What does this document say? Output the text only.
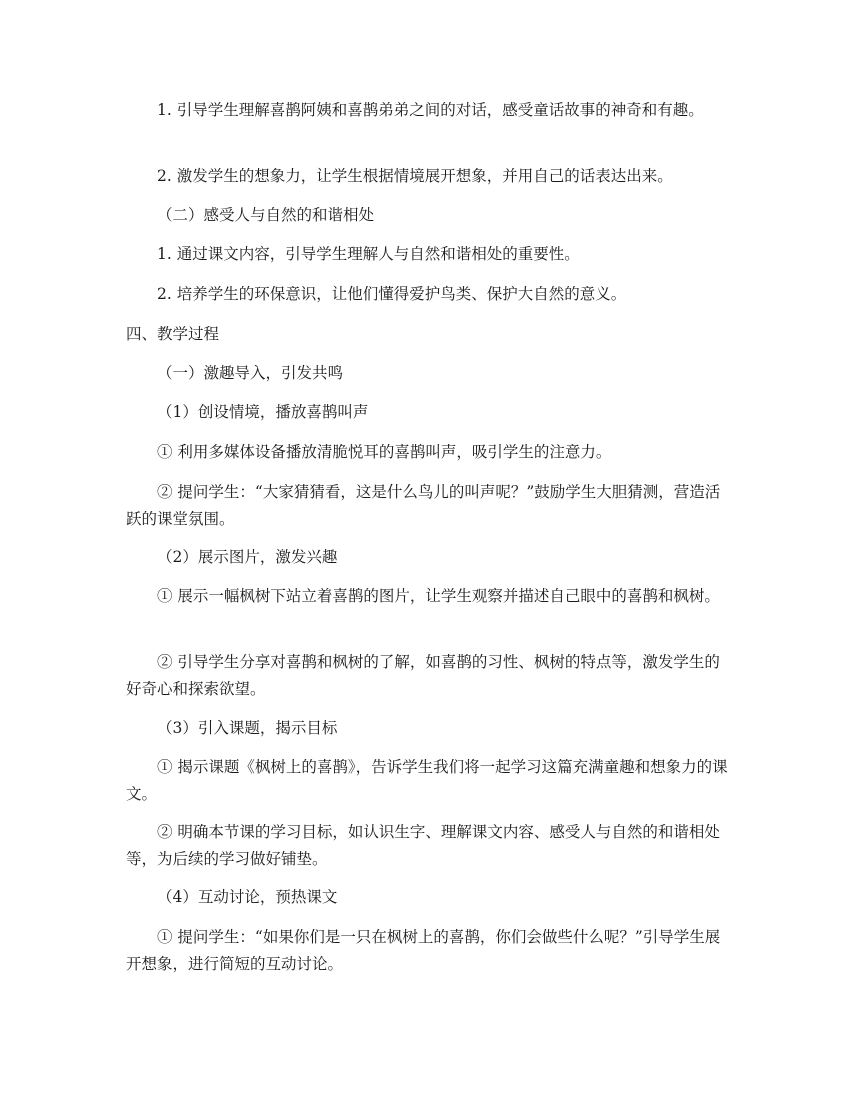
1. 引导学生理解喜鹊阿姨和喜鹊弟弟之间的对话，感受童话故事的神奇和有趣。

2. 激发学生的想象力，让学生根据情境展开想象，并用自己的话表达出来。

（二）感受人与自然的和谐相处

1. 通过课文内容，引导学生理解人与自然和谐相处的重要性。

2. 培养学生的环保意识，让他们懂得爱护鸟类、保护大自然的意义。

四、教学过程

（一）激趣导入，引发共鸣

（1）创设情境，播放喜鹊叫声

① 利用多媒体设备播放清脆悦耳的喜鹊叫声，吸引学生的注意力。

② 提问学生：“大家猜猜看，这是什么鸟儿的叫声呢？”鼓励学生大胆猜测，营造活跃的课堂氛围。

（2）展示图片，激发兴趣

① 展示一幅枫树下站立着喜鹊的图片，让学生观察并描述自己眼中的喜鹊和枫树。

② 引导学生分享对喜鹊和枫树的了解，如喜鹊的习性、枫树的特点等，激发学生的好奇心和探索欲望。

（3）引入课题，揭示目标

① 揭示课题《枫树上的喜鹊》，告诉学生我们将一起学习这篇充满童趣和想象力的课文。

② 明确本节课的学习目标，如认识生字、理解课文内容、感受人与自然的和谐相处等，为后续的学习做好铺垫。

（4）互动讨论，预热课文

① 提问学生：“如果你们是一只在枫树上的喜鹊，你们会做些什么呢？”引导学生展开想象，进行简短的互动讨论。
